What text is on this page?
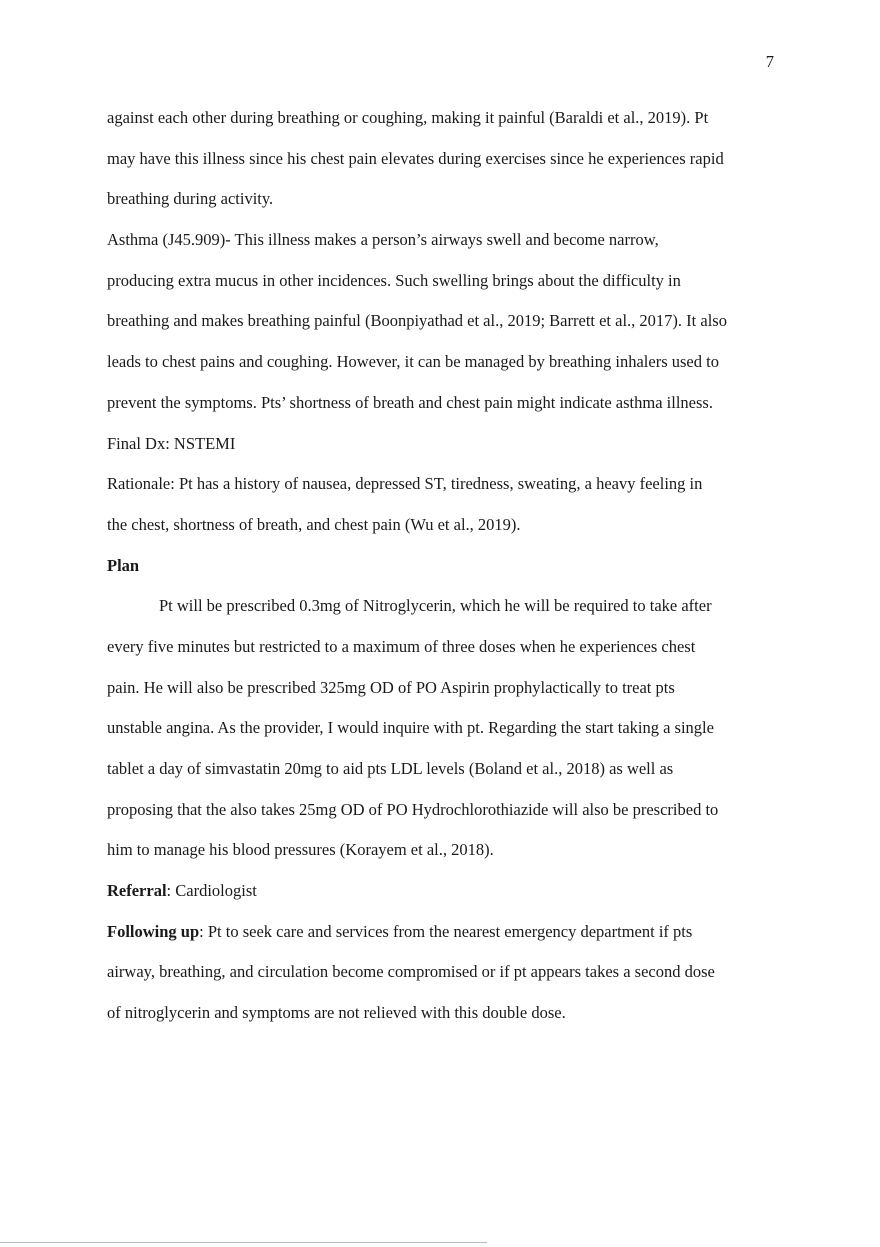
7
against each other during breathing or coughing, making it painful (Baraldi et al., 2019). Pt
may have this illness since his chest pain elevates during exercises since he experiences rapid
breathing during activity.
Asthma (J45.909)- This illness makes a person’s airways swell and become narrow,
producing extra mucus in other incidences. Such swelling brings about the difficulty in
breathing and makes breathing painful (Boonpiyathad et al., 2019; Barrett et al., 2017). It also
leads to chest pains and coughing. However, it can be managed by breathing inhalers used to
prevent the symptoms. Pts’ shortness of breath and chest pain might indicate asthma illness.
Final Dx: NSTEMI
Rationale: Pt has a history of nausea, depressed ST, tiredness, sweating, a heavy feeling in
the chest, shortness of breath, and chest pain (Wu et al., 2019).
Plan
Pt will be prescribed 0.3mg of Nitroglycerin, which he will be required to take after
every five minutes but restricted to a maximum of three doses when he experiences chest
pain. He will also be prescribed 325mg OD of PO Aspirin prophylactically to treat pts
unstable angina. As the provider, I would inquire with pt. Regarding the start taking a single
tablet a day of simvastatin 20mg to aid pts LDL levels (Boland et al., 2018) as well as
proposing that the also takes 25mg OD of PO Hydrochlorothiazide will also be prescribed to
him to manage his blood pressures (Korayem et al., 2018).
Referral: Cardiologist
Following up: Pt to seek care and services from the nearest emergency department if pts
airway, breathing, and circulation become compromised or if pt appears takes a second dose
of nitroglycerin and symptoms are not relieved with this double dose.
